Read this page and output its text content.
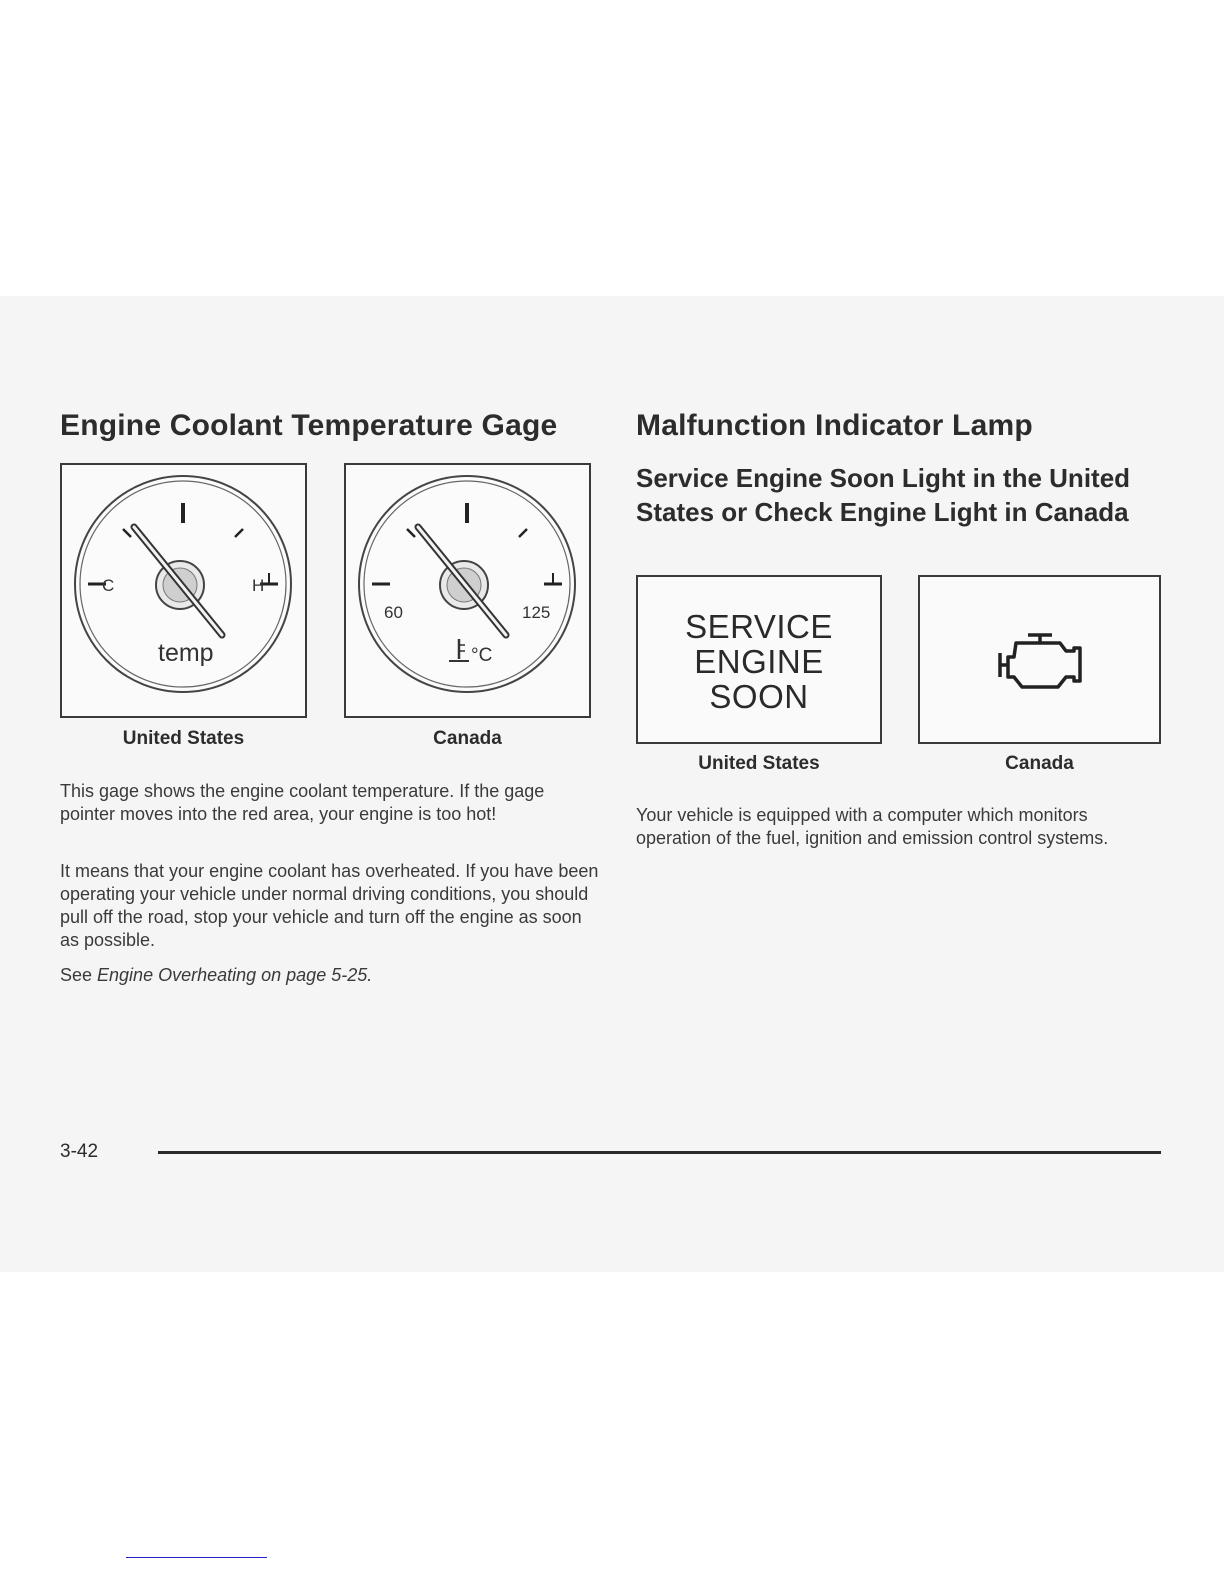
Engine Coolant Temperature Gage
C	H
temp
United States
60	125
°C
Canada

This gage shows the engine coolant temperature. If the gage pointer moves into the red area, your engine is too hot!

It means that your engine coolant has overheated. If you have been operating your vehicle under normal driving conditions, you should pull off the road, stop your vehicle and turn off the engine as soon as possible.

See Engine Overheating on page 5-25.

Malfunction Indicator Lamp
Service Engine Soon Light in the United States or Check Engine Light in Canada
SERVICE
ENGINE
SOON
United States	Canada

Your vehicle is equipped with a computer which monitors operation of the fuel, ignition and emission control systems.

3-42
